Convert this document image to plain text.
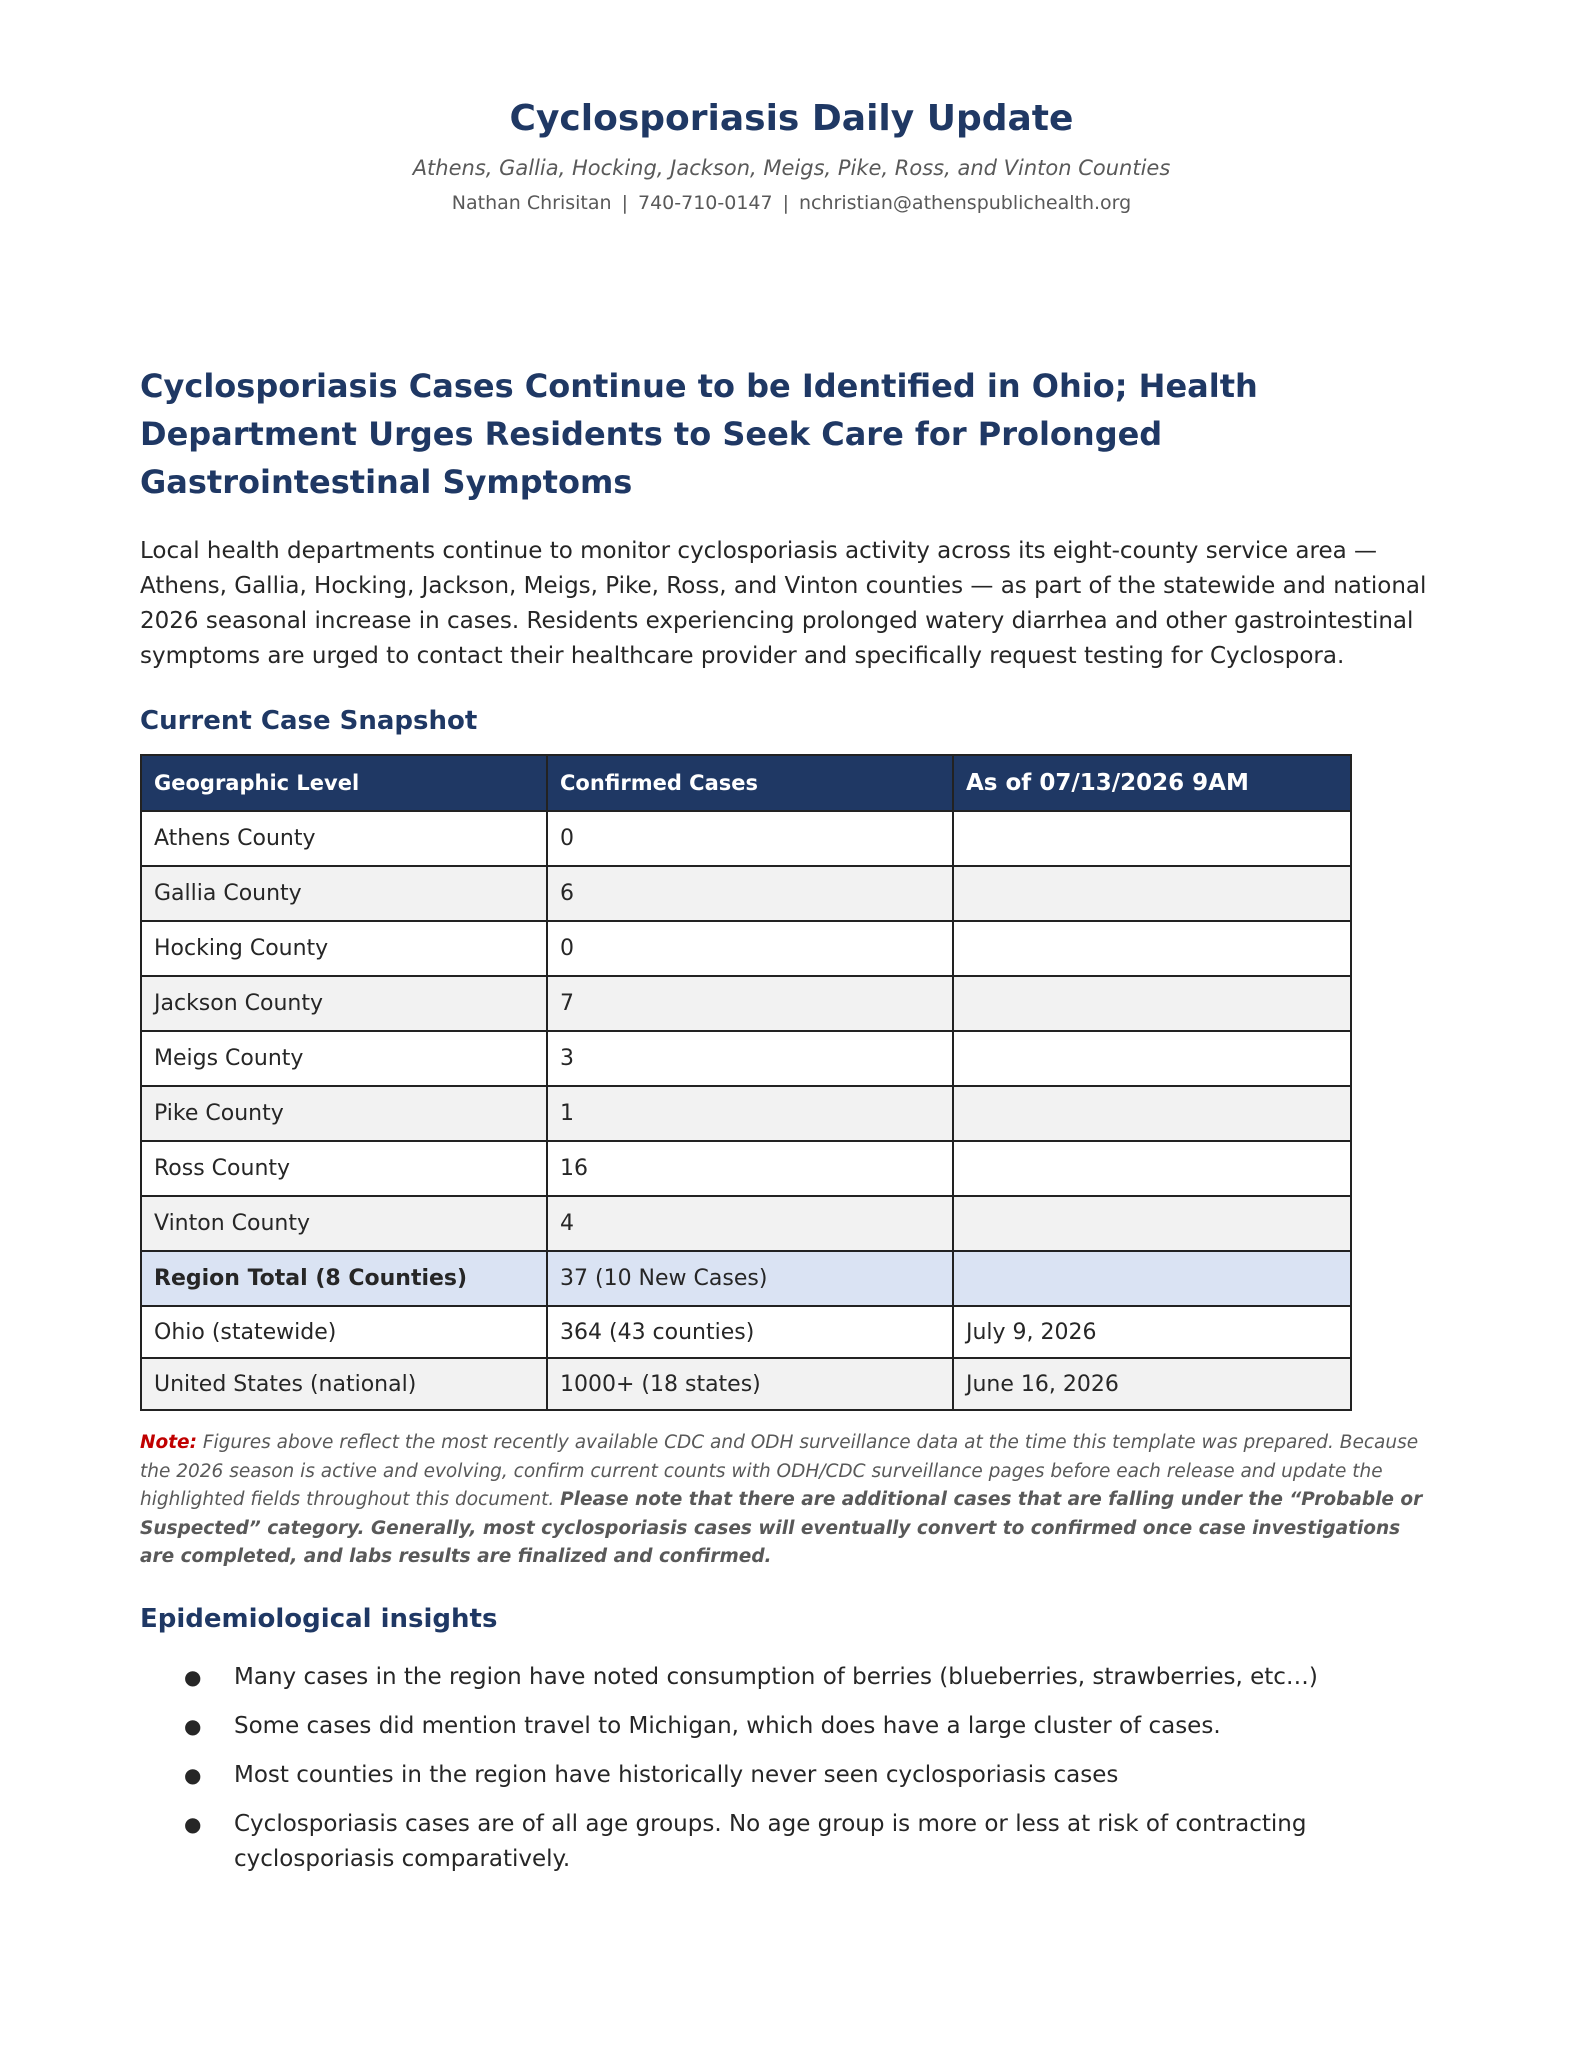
Cyclosporiasis Daily Update
Athens, Gallia, Hocking, Jackson, Meigs, Pike, Ross, and Vinton Counties
Nathan Chrisitan | 740-710-0147 | nchristian@athenspublichealth.org
Cyclosporiasis Cases Continue to be Identified in Ohio; Health Department Urges Residents to Seek Care for Prolonged Gastrointestinal Symptoms

Local health departments continue to monitor cyclosporiasis activity across its eight-county service area — Athens, Gallia, Hocking, Jackson, Meigs, Pike, Ross, and Vinton counties — as part of the statewide and national 2026 seasonal increase in cases. Residents experiencing prolonged watery diarrhea and other gastrointestinal symptoms are urged to contact their healthcare provider and specifically request testing for Cyclospora.

Current Case Snapshot
Geographic Level	Confirmed Cases	As of 07/13/2026 9AM
Athens County	0	
Gallia County	6	
Hocking County	0	
Jackson County	7	
Meigs County	3	
Pike County	1	
Ross County	16	
Vinton County	4	
Region Total (8 Counties)	37 (10 New Cases)	
Ohio (statewide)	364 (43 counties)	July 9, 2026
United States (national)	1000+ (18 states)	June 16, 2026

Note: Figures above reflect the most recently available CDC and ODH surveillance data at the time this template was prepared. Because the 2026 season is active and evolving, confirm current counts with ODH/CDC surveillance pages before each release and update the highlighted fields throughout this document. Please note that there are additional cases that are falling under the “Probable or Suspected” category. Generally, most cyclosporiasis cases will eventually convert to confirmed once case investigations are completed, and labs results are finalized and confirmed.

Epidemiological insights
● Many cases in the region have noted consumption of berries (blueberries, strawberries, etc…)
● Some cases did mention travel to Michigan, which does have a large cluster of cases.
● Most counties in the region have historically never seen cyclosporiasis cases
● Cyclosporiasis cases are of all age groups. No age group is more or less at risk of contracting cyclosporiasis comparatively.
